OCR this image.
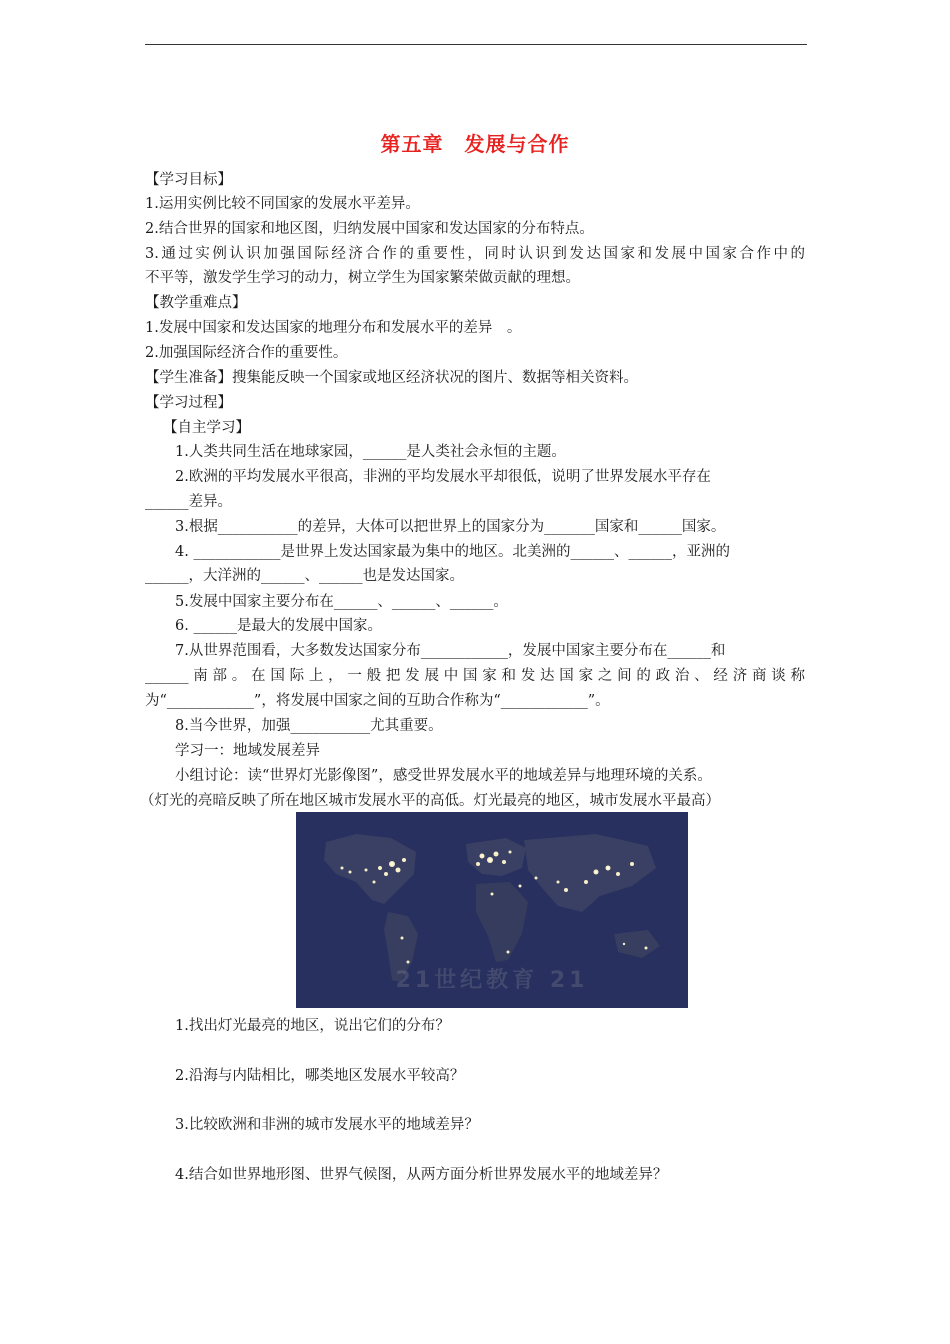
第五章　发展与合作
【学习目标】
1.运用实例比较不同国家的发展水平差异。
2.结合世界的国家和地区图，归纳发展中国家和发达国家的分布特点。
3.通过实例认识加强国际经济合作的重要性，同时认识到发达国家和发展中国家合作中的
不平等，激发学生学习的动力，树立学生为国家繁荣做贡献的理想。
【教学重难点】
1.发展中国家和发达国家的地理分布和发展水平的差异　。
2.加强国际经济合作的重要性。
【学生准备】搜集能反映一个国家或地区经济状况的图片、数据等相关资料。
【学习过程】
【自主学习】
1.人类共同生活在地球家园，______是人类社会永恒的主题。
2.欧洲的平均发展水平很高，非洲的平均发展水平却很低，说明了世界发展水平存在
______差异。
3.根据___________的差异，大体可以把世界上的国家分为_______国家和______国家。
4. ____________是世界上发达国家最为集中的地区。北美洲的______、______，亚洲的
______，大洋洲的______、______也是发达国家。
5.发展中国家主要分布在______、______、______。
6. ______是最大的发展中国家。
7.从世界范围看，大多数发达国家分布____________，发展中国家主要分布在______和
______南部。在国际上，一般把发展中国家和发达国家之间的政治、经济商谈称
为“____________”，将发展中国家之间的互助合作称为“____________”。
8.当今世界，加强___________尤其重要。
学习一：地域发展差异
小组讨论：读“世界灯光影像图”，感受世界发展水平的地域差异与地理环境的关系。
（灯光的亮暗反映了所在地区城市发展水平的高低。灯光最亮的地区，城市发展水平最高）
21世纪教育 21
1.找出灯光最亮的地区，说出它们的分布？
2.沿海与内陆相比，哪类地区发展水平较高？
3.比较欧洲和非洲的城市发展水平的地域差异？
4.结合如世界地形图、世界气候图，从两方面分析世界发展水平的地域差异？
